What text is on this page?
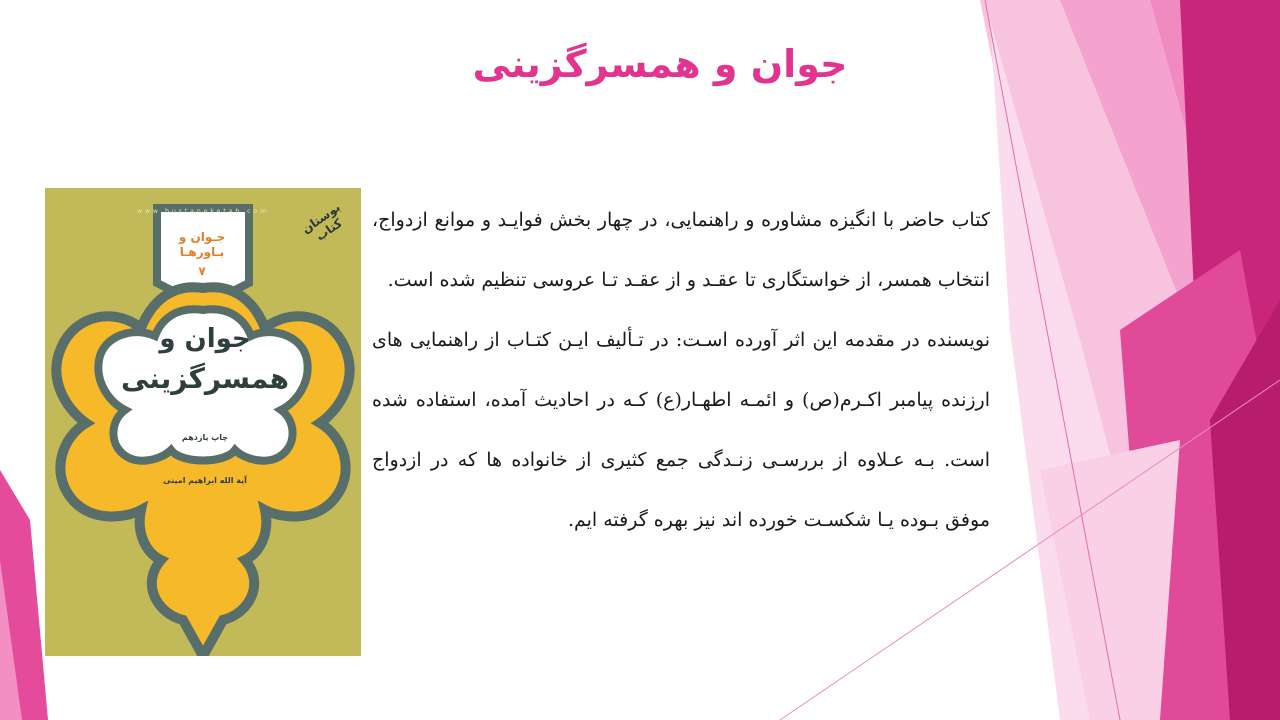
جوان و همسرگزینی
www.bustaneketab.com	بوستان کتاب
جـوان و بـاورهـا
۷
جوان و
همسرگزینی
چاپ یازدهم
آیة الله ابراهیم امینی

کتاب حاضر با انگیزه مشاوره و راهنمایی، در چهار بخش فوایـد و موانع ازدواج، انتخاب همسر، از خواستگاری تا عقـد و از عقـد تـا عروسی تنظیم شده است.

نویسنده در مقدمه این اثر آورده اسـت: در تـألیف ایـن کتـاب از راهنمایی های ارزنده پیامبر اکـرم(ص) و ائمـه اطهـار(ع) کـه در احادیث آمده، استفاده شده است. بـه عـلاوه از بررسـی زنـدگی جمع کثیری از خانواده ها که در ازدواج موفق بـوده یـا شکسـت خورده اند نیز بهره گرفته ایم.
